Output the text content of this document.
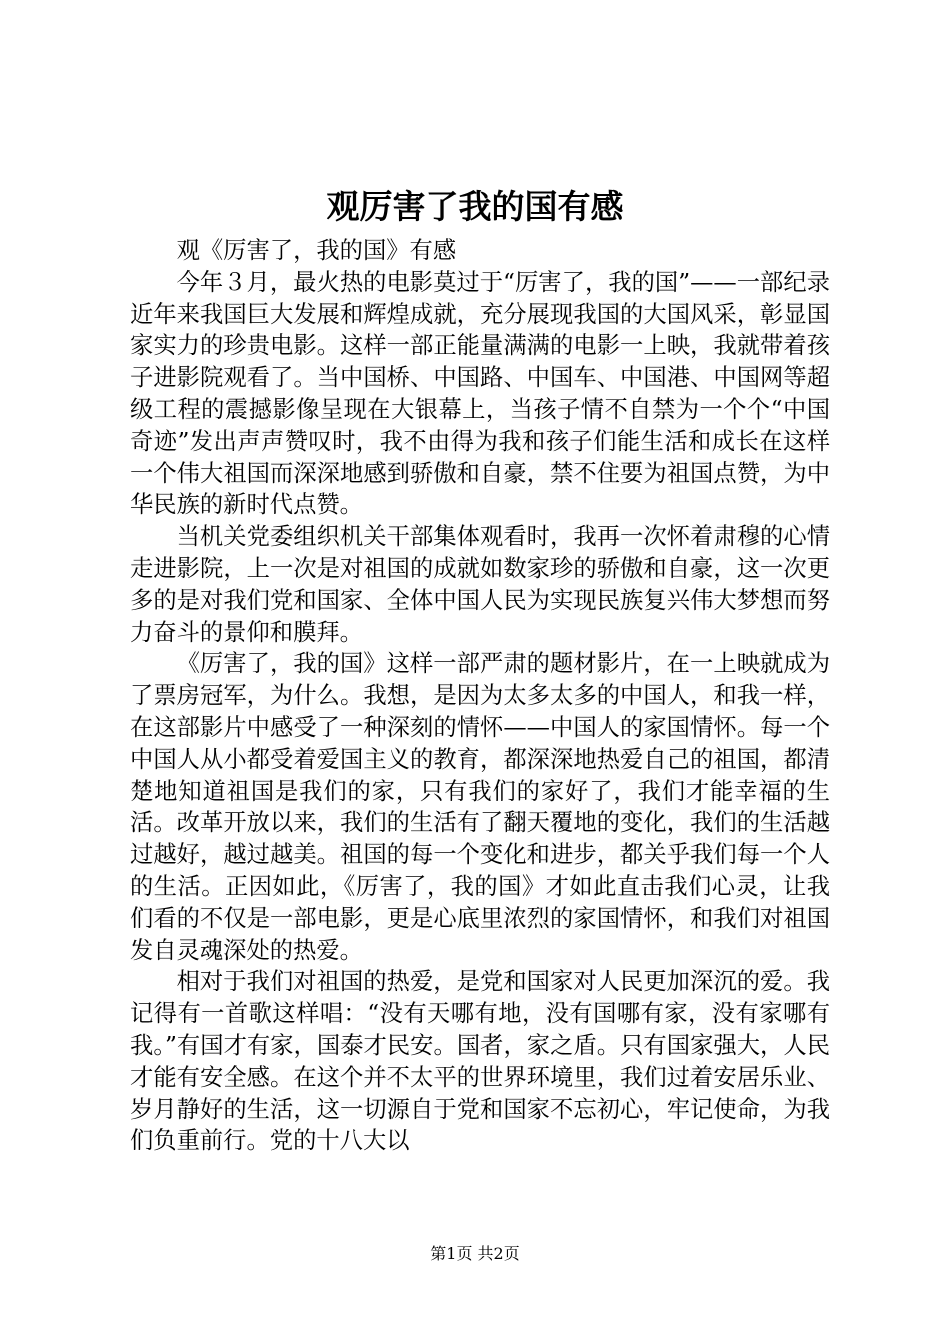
观厉害了我的国有感

观《厉害了，我的国》有感

今年３月，最火热的电影莫过于“厉害了，我的国”——一部纪录近年来我国巨大发展和辉煌成就，充分展现我国的大国风采，彰显国家实力的珍贵电影。这样一部正能量满满的电影一上映，我就带着孩子进影院观看了。当中国桥、中国路、中国车、中国港、中国网等超级工程的震撼影像呈现在大银幕上，当孩子情不自禁为一个个“中国奇迹”发出声声赞叹时，我不由得为我和孩子们能生活和成长在这样一个伟大祖国而深深地感到骄傲和自豪，禁不住要为祖国点赞，为中华民族的新时代点赞。

当机关党委组织机关干部集体观看时，我再一次怀着肃穆的心情走进影院，上一次是对祖国的成就如数家珍的骄傲和自豪，这一次更多的是对我们党和国家、全体中国人民为实现民族复兴伟大梦想而努力奋斗的景仰和膜拜。

《厉害了，我的国》这样一部严肃的题材影片，在一上映就成为了票房冠军，为什么。我想，是因为太多太多的中国人，和我一样，在这部影片中感受了一种深刻的情怀——中国人的家国情怀。每一个中国人从小都受着爱国主义的教育，都深深地热爱自己的祖国，都清楚地知道祖国是我们的家，只有我们的家好了，我们才能幸福的生活。改革开放以来，我们的生活有了翻天覆地的变化，我们的生活越过越好，越过越美。祖国的每一个变化和进步，都关乎我们每一个人的生活。正因如此，《厉害了，我的国》才如此直击我们心灵，让我们看的不仅是一部电影，更是心底里浓烈的家国情怀，和我们对祖国发自灵魂深处的热爱。

相对于我们对祖国的热爱，是党和国家对人民更加深沉的爱。我记得有一首歌这样唱：“没有天哪有地，没有国哪有家，没有家哪有我。”有国才有家，国泰才民安。国者，家之盾。只有国家强大，人民才能有安全感。在这个并不太平的世界环境里，我们过着安居乐业、岁月静好的生活，这一切源自于党和国家不忘初心，牢记使命，为我们负重前行。党的十八大以

第1页 共2页
